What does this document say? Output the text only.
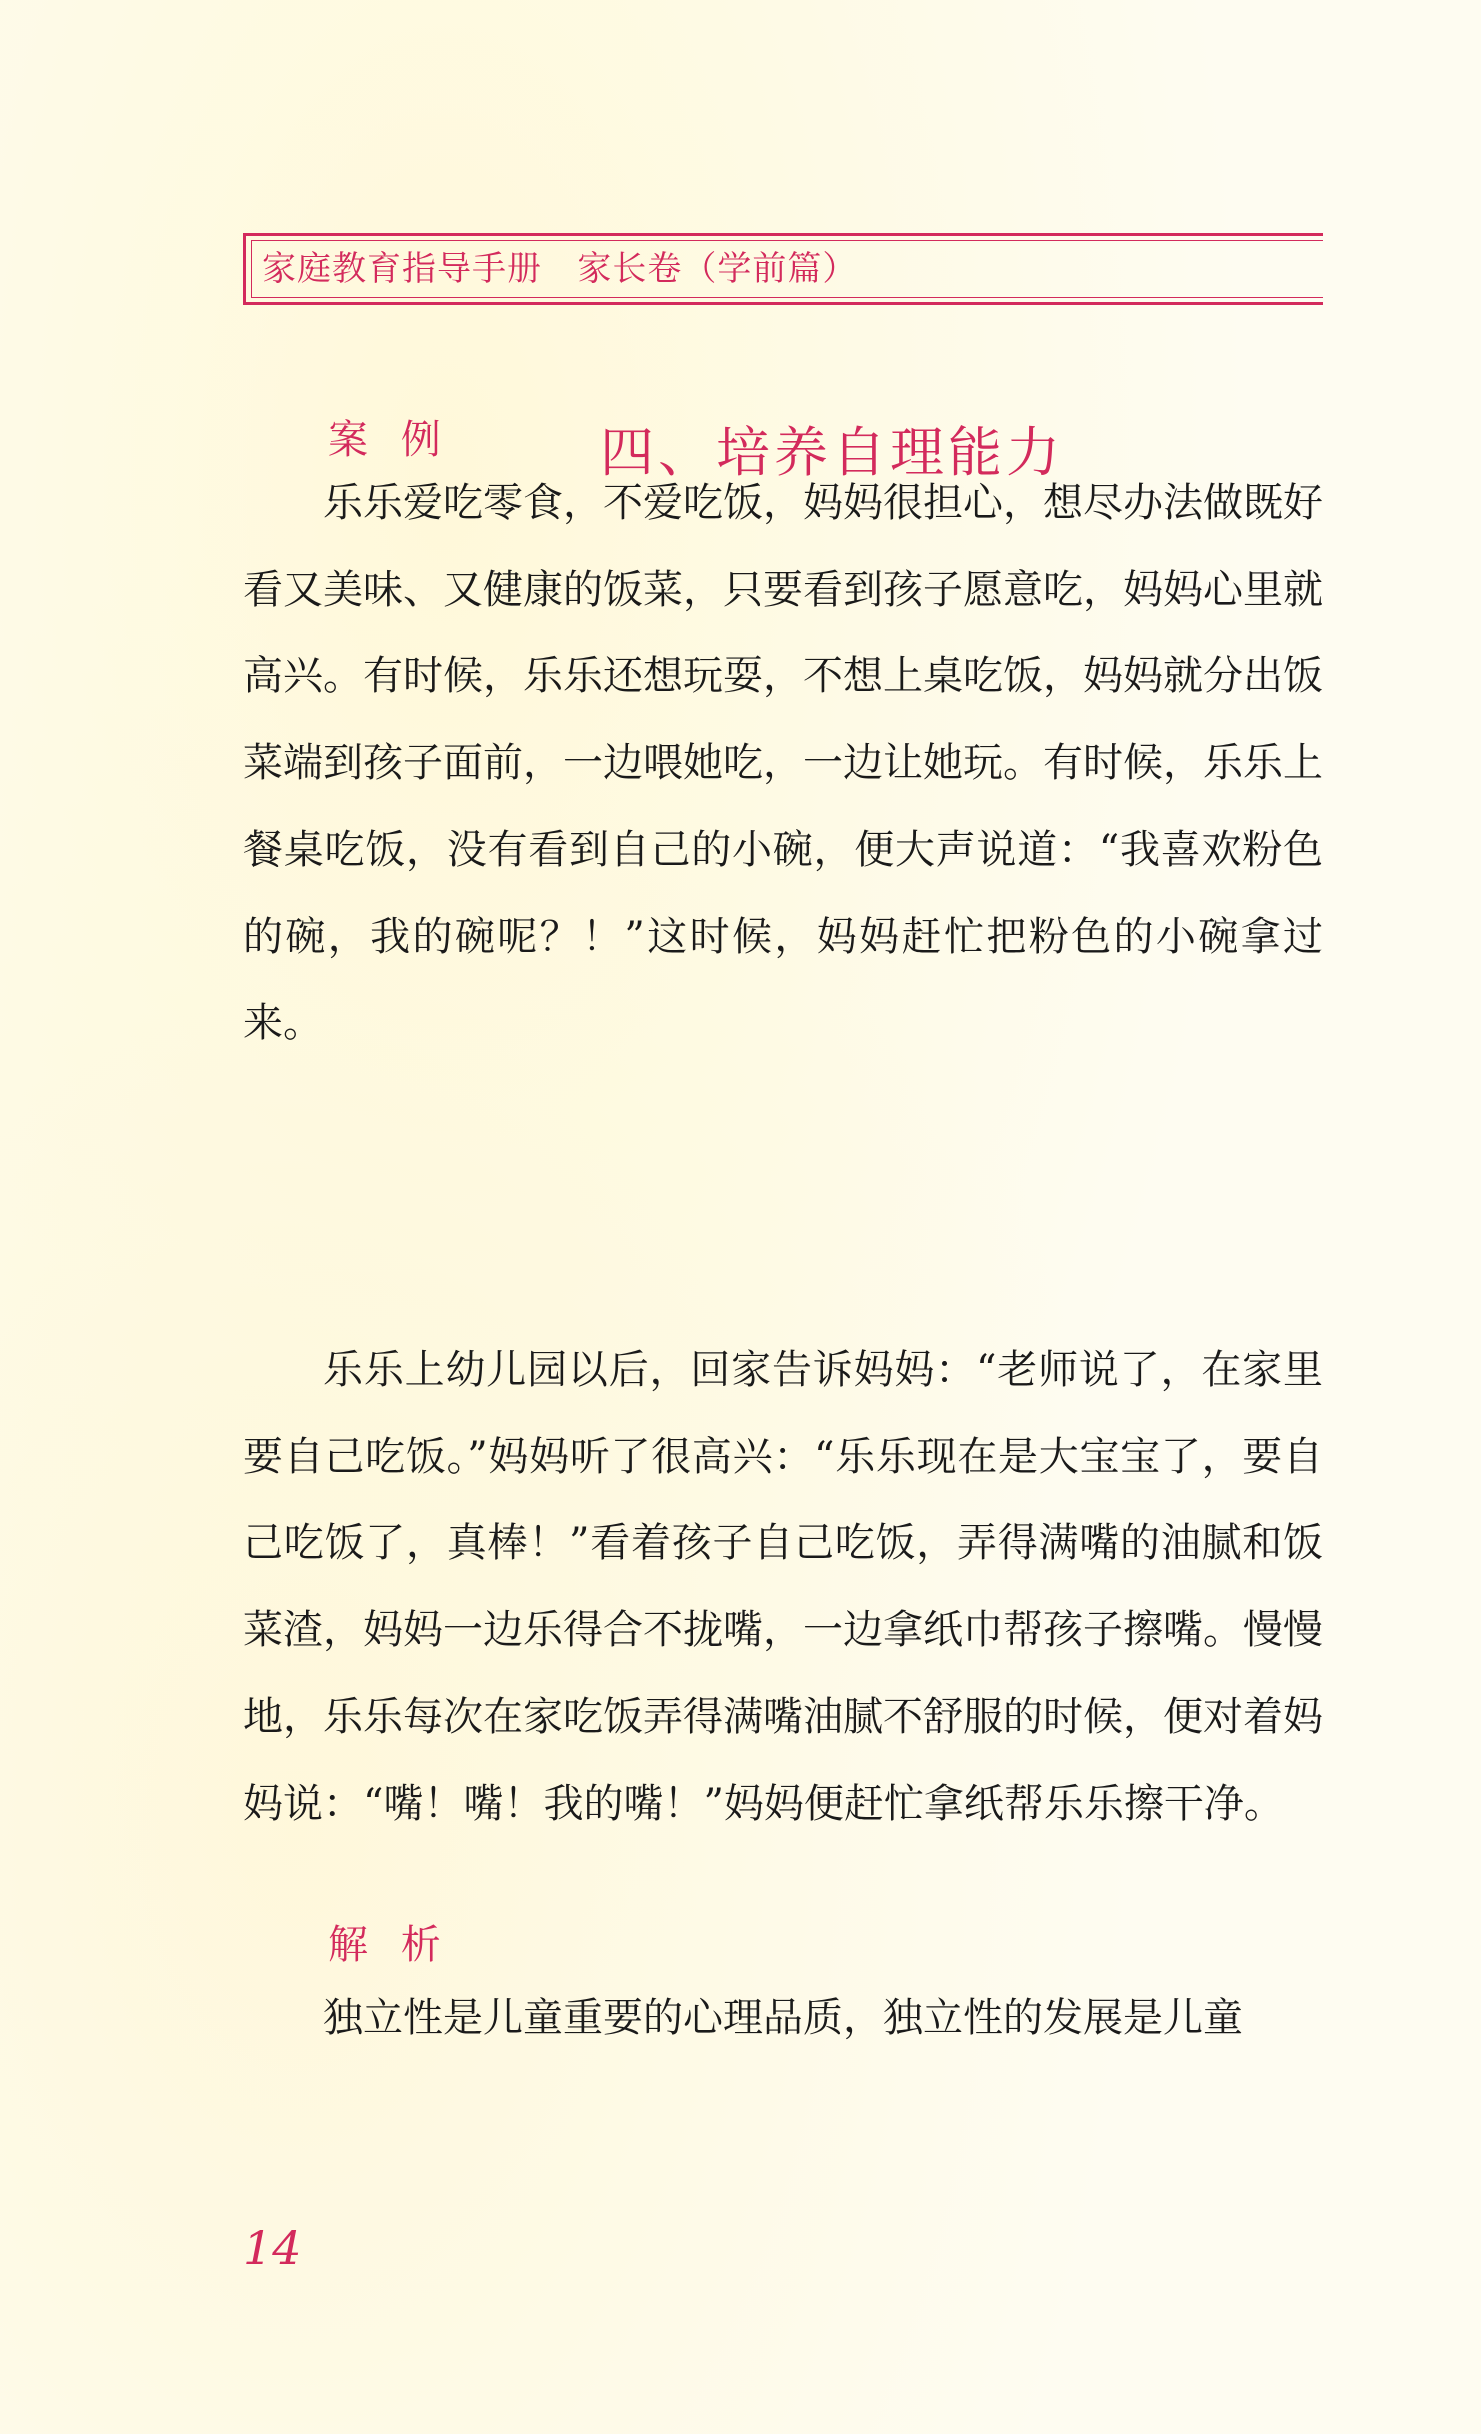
家庭教育指导手册   家长卷（学前篇）
四、培养自理能力
案 例

乐乐爱吃零食，不爱吃饭，妈妈很担心，想尽办法做既好看又美味、又健康的饭菜，只要看到孩子愿意吃，妈妈心里就高兴。有时候，乐乐还想玩耍，不想上桌吃饭，妈妈就分出饭菜端到孩子面前，一边喂她吃，一边让她玩。有时候，乐乐上餐桌吃饭，没有看到自己的小碗，便大声说道：“我喜欢粉色的碗，我的碗呢？！”这时候，妈妈赶忙把粉色的小碗拿过来。

乐乐上幼儿园以后，回家告诉妈妈：“老师说了，在家里要自己吃饭。”妈妈听了很高兴：“乐乐现在是大宝宝了，要自己吃饭了，真棒！”看着孩子自己吃饭，弄得满嘴的油腻和饭菜渣，妈妈一边乐得合不拢嘴，一边拿纸巾帮孩子擦嘴。慢慢地，乐乐每次在家吃饭弄得满嘴油腻不舒服的时候，便对着妈妈说：“嘴！嘴！我的嘴！”妈妈便赶忙拿纸帮乐乐擦干净。

解 析

独立性是儿童重要的心理品质，独立性的发展是儿童

14
